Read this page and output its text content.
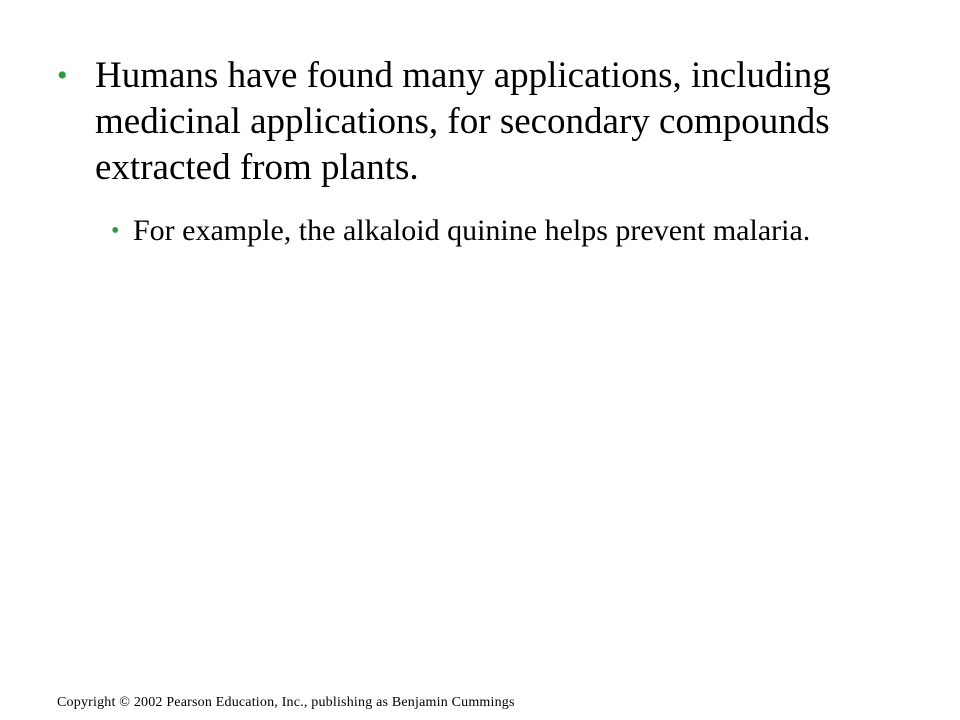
• Humans have found many applications, including medicinal applications, for secondary compounds extracted from plants.
• For example, the alkaloid quinine helps prevent malaria.
Copyright © 2002 Pearson Education, Inc., publishing as Benjamin Cummings
